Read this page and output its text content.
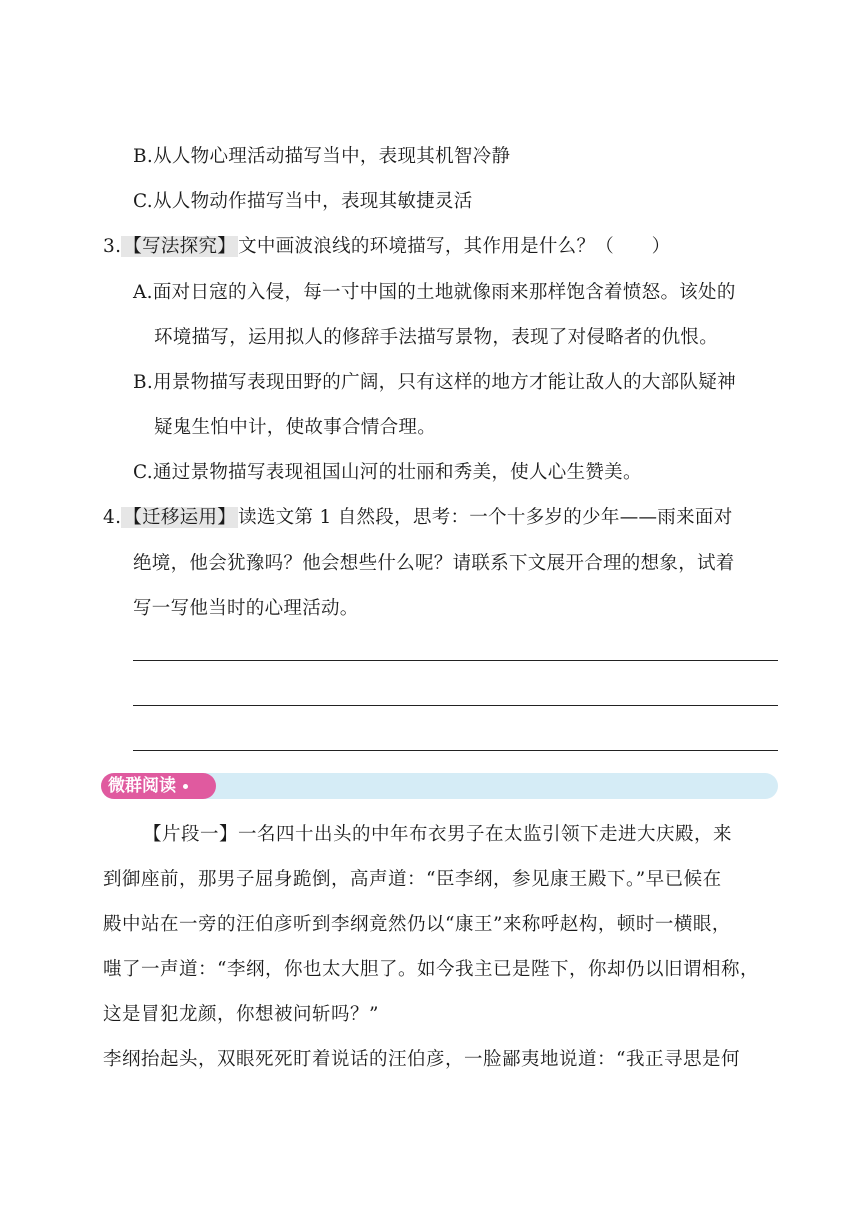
B.从人物心理活动描写当中，表现其机智冷静
C.从人物动作描写当中，表现其敏捷灵活
3. 【写法探究】 文中画波浪线的环境描写，其作用是什么？（　　）
A.面对日寇的入侵，每一寸中国的土地就像雨来那样饱含着愤怒。该处的
环境描写，运用拟人的修辞手法描写景物，表现了对侵略者的仇恨。
B.用景物描写表现田野的广阔，只有这样的地方才能让敌人的大部队疑神
疑鬼生怕中计，使故事合情合理。
C.通过景物描写表现祖国山河的壮丽和秀美，使人心生赞美。
4. 【迁移运用】 读选文第 1 自然段，思考：一个十多岁的少年——雨来面对
绝境，他会犹豫吗？他会想些什么呢？请联系下文展开合理的想象，试着
写一写他当时的心理活动。
微群阅读
【片段一】一名四十出头的中年布衣男子在太监引领下走进大庆殿，来
到御座前，那男子屈身跪倒，高声道：“臣李纲，参见康王殿下。”早已候在
殿中站在一旁的汪伯彦听到李纲竟然仍以“康王”来称呼赵构，顿时一横眼，
嗤了一声道：“李纲，你也太大胆了。如今我主已是陛下，你却仍以旧谓相称，
这是冒犯龙颜，你想被问斩吗？”
李纲抬起头，双眼死死盯着说话的汪伯彦，一脸鄙夷地说道：“我正寻思是何
